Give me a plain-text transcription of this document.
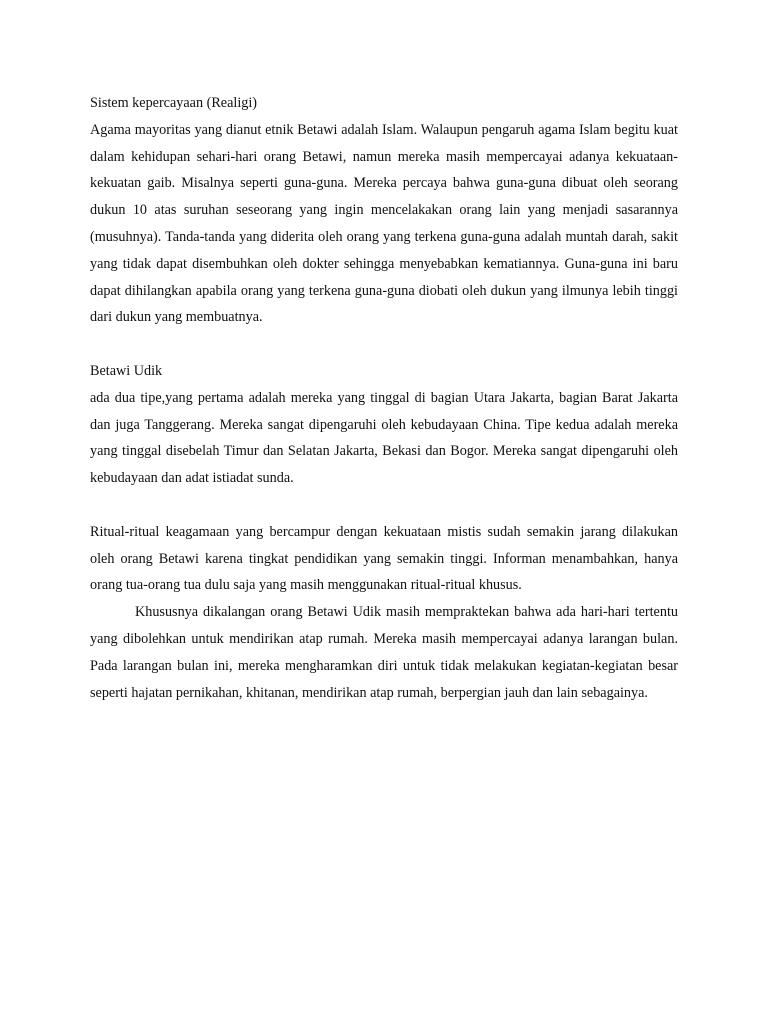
Sistem kepercayaan (Realigi)

Agama mayoritas yang dianut etnik Betawi adalah Islam. Walaupun pengaruh agama Islam begitu kuat dalam kehidupan sehari-hari orang Betawi, namun mereka masih mempercayai adanya kekuataan-kekuatan gaib. Misalnya seperti guna-guna. Mereka percaya bahwa guna-guna dibuat oleh seorang dukun 10 atas suruhan seseorang yang ingin mencelakakan orang lain yang menjadi sasarannya (musuhnya). Tanda-tanda yang diderita oleh orang yang terkena guna-guna adalah muntah darah, sakit yang tidak dapat disembuhkan oleh dokter sehingga menyebabkan kematiannya. Guna-guna ini baru dapat dihilangkan apabila orang yang terkena guna-guna diobati oleh dukun yang ilmunya lebih tinggi dari dukun yang membuatnya.

Betawi Udik

ada dua tipe,yang pertama adalah mereka yang tinggal di bagian Utara Jakarta, bagian Barat Jakarta dan juga Tanggerang. Mereka sangat dipengaruhi oleh kebudayaan China. Tipe kedua adalah mereka yang tinggal disebelah Timur dan Selatan Jakarta, Bekasi dan Bogor. Mereka sangat dipengaruhi oleh kebudayaan dan adat istiadat sunda.

Ritual-ritual keagamaan yang bercampur dengan kekuataan mistis sudah semakin jarang dilakukan oleh orang Betawi karena tingkat pendidikan yang semakin tinggi. Informan menambahkan, hanya orang tua-orang tua dulu saja yang masih menggunakan ritual-ritual khusus.

Khususnya dikalangan orang Betawi Udik masih mempraktekan bahwa ada hari-hari tertentu yang dibolehkan untuk mendirikan atap rumah. Mereka masih mempercayai adanya larangan bulan. Pada larangan bulan ini, mereka mengharamkan diri untuk tidak melakukan kegiatan-kegiatan besar seperti hajatan pernikahan, khitanan, mendirikan atap rumah, berpergian jauh dan lain sebagainya.
